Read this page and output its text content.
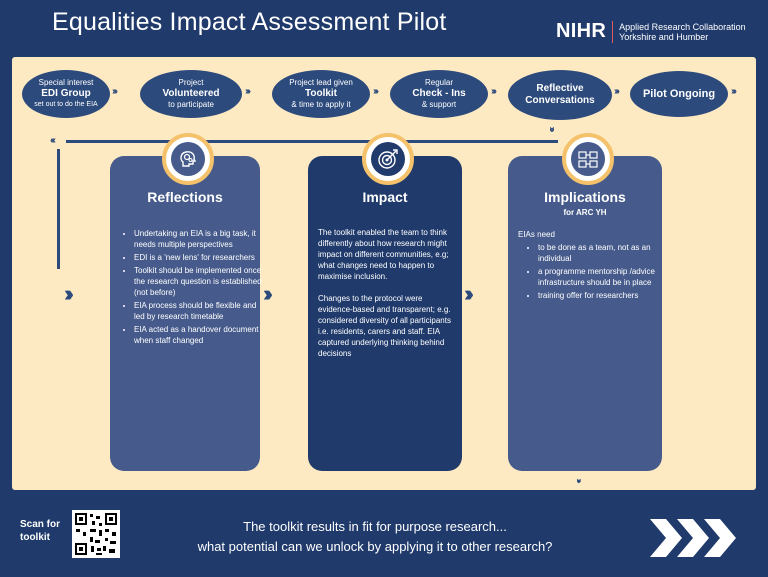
Equalities Impact Assessment Pilot	NIHR Applied Research Collaboration
Yorkshire and Humber
Special interest
EDI Group
set out to do the EIA
›››
Project
Volunteered
to participate
›››
Project lead given
Toolkit
& time to apply it
›››
Regular
Check - Ins
& support
›››	Reflective Conversations
›››	Pilot Ongoing	›››
›››
‹‹‹
›››	›››	›››
›››
Reflections
• Undertaking an EIA is a big task, it needs multiple perspectives
• EDI is a 'new lens' for researchers
• Toolkit should be implemented once the research question is established (not before)
• EIA process should be flexible and led by research timetable
• EIA acted as a handover document when staff changed
Impact

The toolkit enabled the team to think differently about how research might impact on different communities, e.g; what changes need to happen to maximise inclusion.

Changes to the protocol were evidence-based and transparent; e.g. considered diversity of all participants i.e. residents, carers and staff. EIA captured underlying thinking behind decisions

Implications
for ARC YH
EIAs need
• to be done as a team, not as an individual
• a programme mentorship /advice infrastructure should be in place
• training offer for researchers
Scan for
toolkit
The toolkit results in fit for purpose research...
what potential can we unlock by applying it to other research?
